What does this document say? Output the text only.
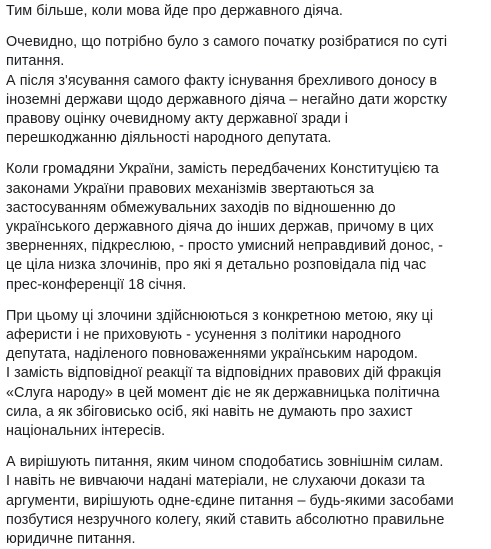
Тим більше, коли мова йде про державного діяча.

Очевидно, що потрібно було з самого початку розібратися по суті
питання.
А після з'ясування самого факту існування брехливого доносу в
іноземні держави щодо державного діяча – негайно дати жорстку
правову оцінку очевидному акту державної зради і
перешкоджанню діяльності народного депутата.

Коли громадяни України, замість передбачених Конституцією та
законами України правових механізмів звертаються за
застосуванням обмежувальних заходів по відношенню до
українського державного діяча до інших держав, причому в цих
зверненнях, підкреслюю, - просто умисний неправдивий донос, -
це ціла низка злочинів, про які я детально розповідала під час
прес-конференції 18 січня.

При цьому ці злочини здійснюються з конкретною метою, яку ці
аферисти і не приховують - усунення з політики народного
депутата, наділеного повноваженнями українським народом.
І замість відповідної реакції та відповідних правових дій фракція
«Слуга народу» в цей момент діє не як державницька політична
сила, а як збіговисько осіб, які навіть не думають про захист
національних інтересів.

А вирішують питання, яким чином сподобатись зовнішнім силам.
І навіть не вивчаючи надані матеріали, не слухаючи докази та
аргументи, вирішують одне-єдине питання – будь-якими засобами
позбутися незручного колегу, який ставить абсолютно правильне
юридичне питання.
